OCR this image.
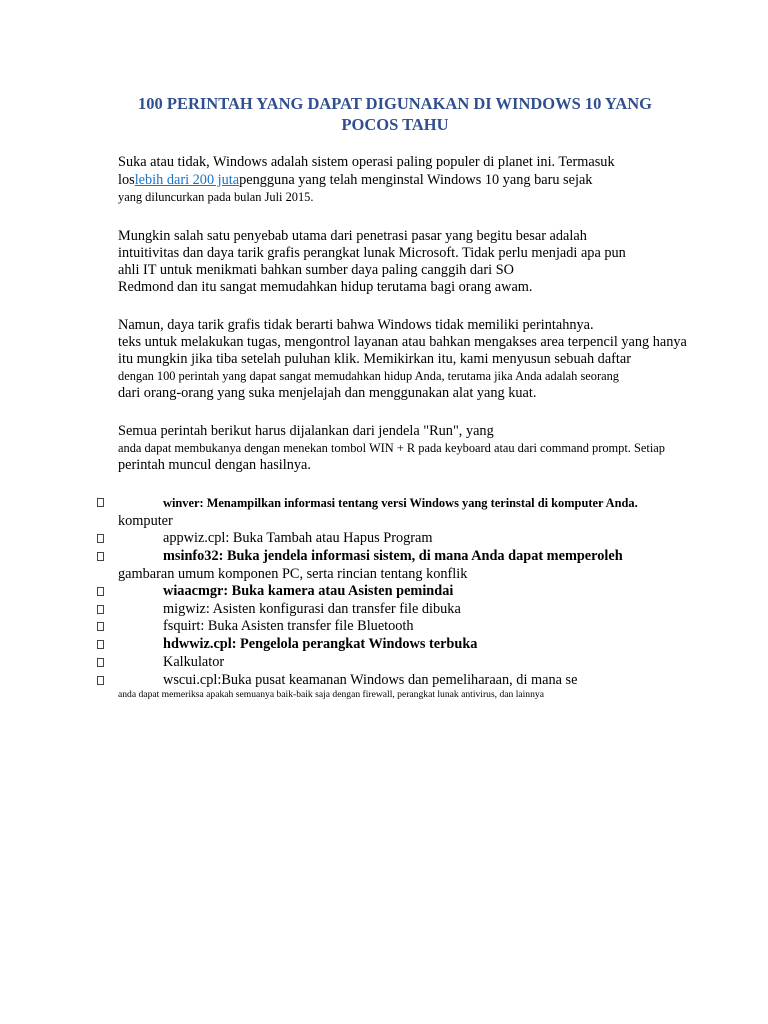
100 PERINTAH YANG DAPAT DIGUNAKAN DI WINDOWS 10 YANG POCOS TAHU
Suka atau tidak, Windows adalah sistem operasi paling populer di planet ini. Termasuk
loslebih dari 200 jutapengguna yang telah menginstal Windows 10 yang baru sejak
yang diluncurkan pada bulan Juli 2015.
Mungkin salah satu penyebab utama dari penetrasi pasar yang begitu besar adalah
intuitivitas dan daya tarik grafis perangkat lunak Microsoft. Tidak perlu menjadi apa pun
ahli IT untuk menikmati bahkan sumber daya paling canggih dari SO
Redmond dan itu sangat memudahkan hidup terutama bagi orang awam.
Namun, daya tarik grafis tidak berarti bahwa Windows tidak memiliki perintahnya.
teks untuk melakukan tugas, mengontrol layanan atau bahkan mengakses area terpencil yang hanya
itu mungkin jika tiba setelah puluhan klik. Memikirkan itu, kami menyusun sebuah daftar
dengan 100 perintah yang dapat sangat memudahkan hidup Anda, terutama jika Anda adalah seorang
dari orang-orang yang suka menjelajah dan menggunakan alat yang kuat.
Semua perintah berikut harus dijalankan dari jendela "Run", yang
anda dapat membukanya dengan menekan tombol WIN + R pada keyboard atau dari command prompt. Setiap
perintah muncul dengan hasilnya.
winver: Menampilkan informasi tentang versi Windows yang terinstal di komputer Anda.
komputer
appwiz.cpl: Buka Tambah atau Hapus Program
msinfo32: Buka jendela informasi sistem, di mana Anda dapat memperoleh
gambaran umum komponen PC, serta rincian tentang konflik
wiaacmgr: Buka kamera atau Asisten pemindai
migwiz: Asisten konfigurasi dan transfer file dibuka
fsquirt: Buka Asisten transfer file Bluetooth
hdwwiz.cpl: Pengelola perangkat Windows terbuka
Kalkulator
wscui.cpl:Buka pusat keamanan Windows dan pemeliharaan, di mana se
anda dapat memeriksa apakah semuanya baik-baik saja dengan firewall, perangkat lunak antivirus, dan lainnya
